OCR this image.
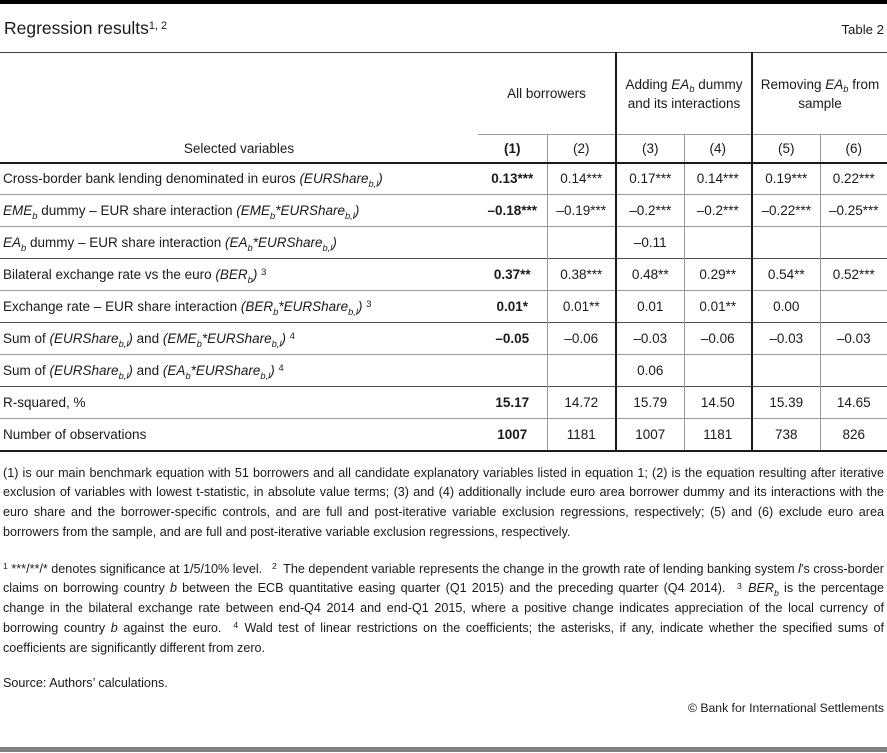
Regression results$^{1, 2}$	Table 2
	All borrowers		Adding $EA_b$ dummy and its interactions		Removing $EA_b$ from sample	
Selected variables	(1)	(2)	(3)	(4)	(5)	(6)
Cross-border bank lending denominated in euros (EURShare$_{b,l}$)	0.13***	0.14***	0.17***	0.14***	0.19***	0.22***
$EME_b$ dummy – EUR share interaction $(EME_b*EURShare_{b,l})$	–0.18***	–0.19***	–0.2***	–0.2***	–0.22***	–0.25***
$EA_b$ dummy – EUR share interaction $(EA_b*EURShare_{b,l})$			–0.11			
Bilateral exchange rate vs the euro $(BER_b)$ $^3$	0.37**	0.38***	0.48**	0.29**	0.54**	0.52***
Exchange rate – EUR share interaction $(BER_b*EURShare_{b,l})$ $^3$	0.01*	0.01**	0.01	0.01**	0.00	
Sum of (EURShare$_{b,l}$) and $(EME_b*EURShare_{b,l})$ $^4$	–0.05	–0.06	–0.03	–0.06	–0.03	–0.03
Sum of (EURShare$_{b,l}$) and $(EA_b*EURShare_{b,l})$ $^4$			0.06			
R-squared, %	15.17	14.72	15.79	14.50	15.39	14.65
Number of observations	1007	1181	1007	1181	738	826

(1) is our main benchmark equation with 51 borrowers and all candidate explanatory variables listed in equation 1; (2) is the equation resulting after iterative exclusion of variables with lowest t-statistic, in absolute value terms; (3) and (4) additionally include euro area borrower dummy and its interactions with the euro share and the borrower-specific controls, and are full and post-iterative variable exclusion regressions, respectively; (5) and (6) exclude euro area borrowers from the sample, and are full and post-iterative variable exclusion regressions, respectively.

$^1$ ***/**/* denotes significance at 1/5/10% level.  $^2$ The dependent variable represents the change in the growth rate of lending banking system l’s cross-border claims on borrowing country b between the ECB quantitative easing quarter (Q1 2015) and the preceding quarter (Q4 2014).  $^3$  $BER_b$ is the percentage change in the bilateral exchange rate between end-Q4 2014 and end-Q1 2015, where a positive change indicates appreciation of the local currency of borrowing country b against the euro.  $^4$ Wald test of linear restrictions on the coefficients; the asterisks, if any, indicate whether the specified sums of coefficients are significantly different from zero.

Source: Authors’ calculations.

© Bank for International Settlements
